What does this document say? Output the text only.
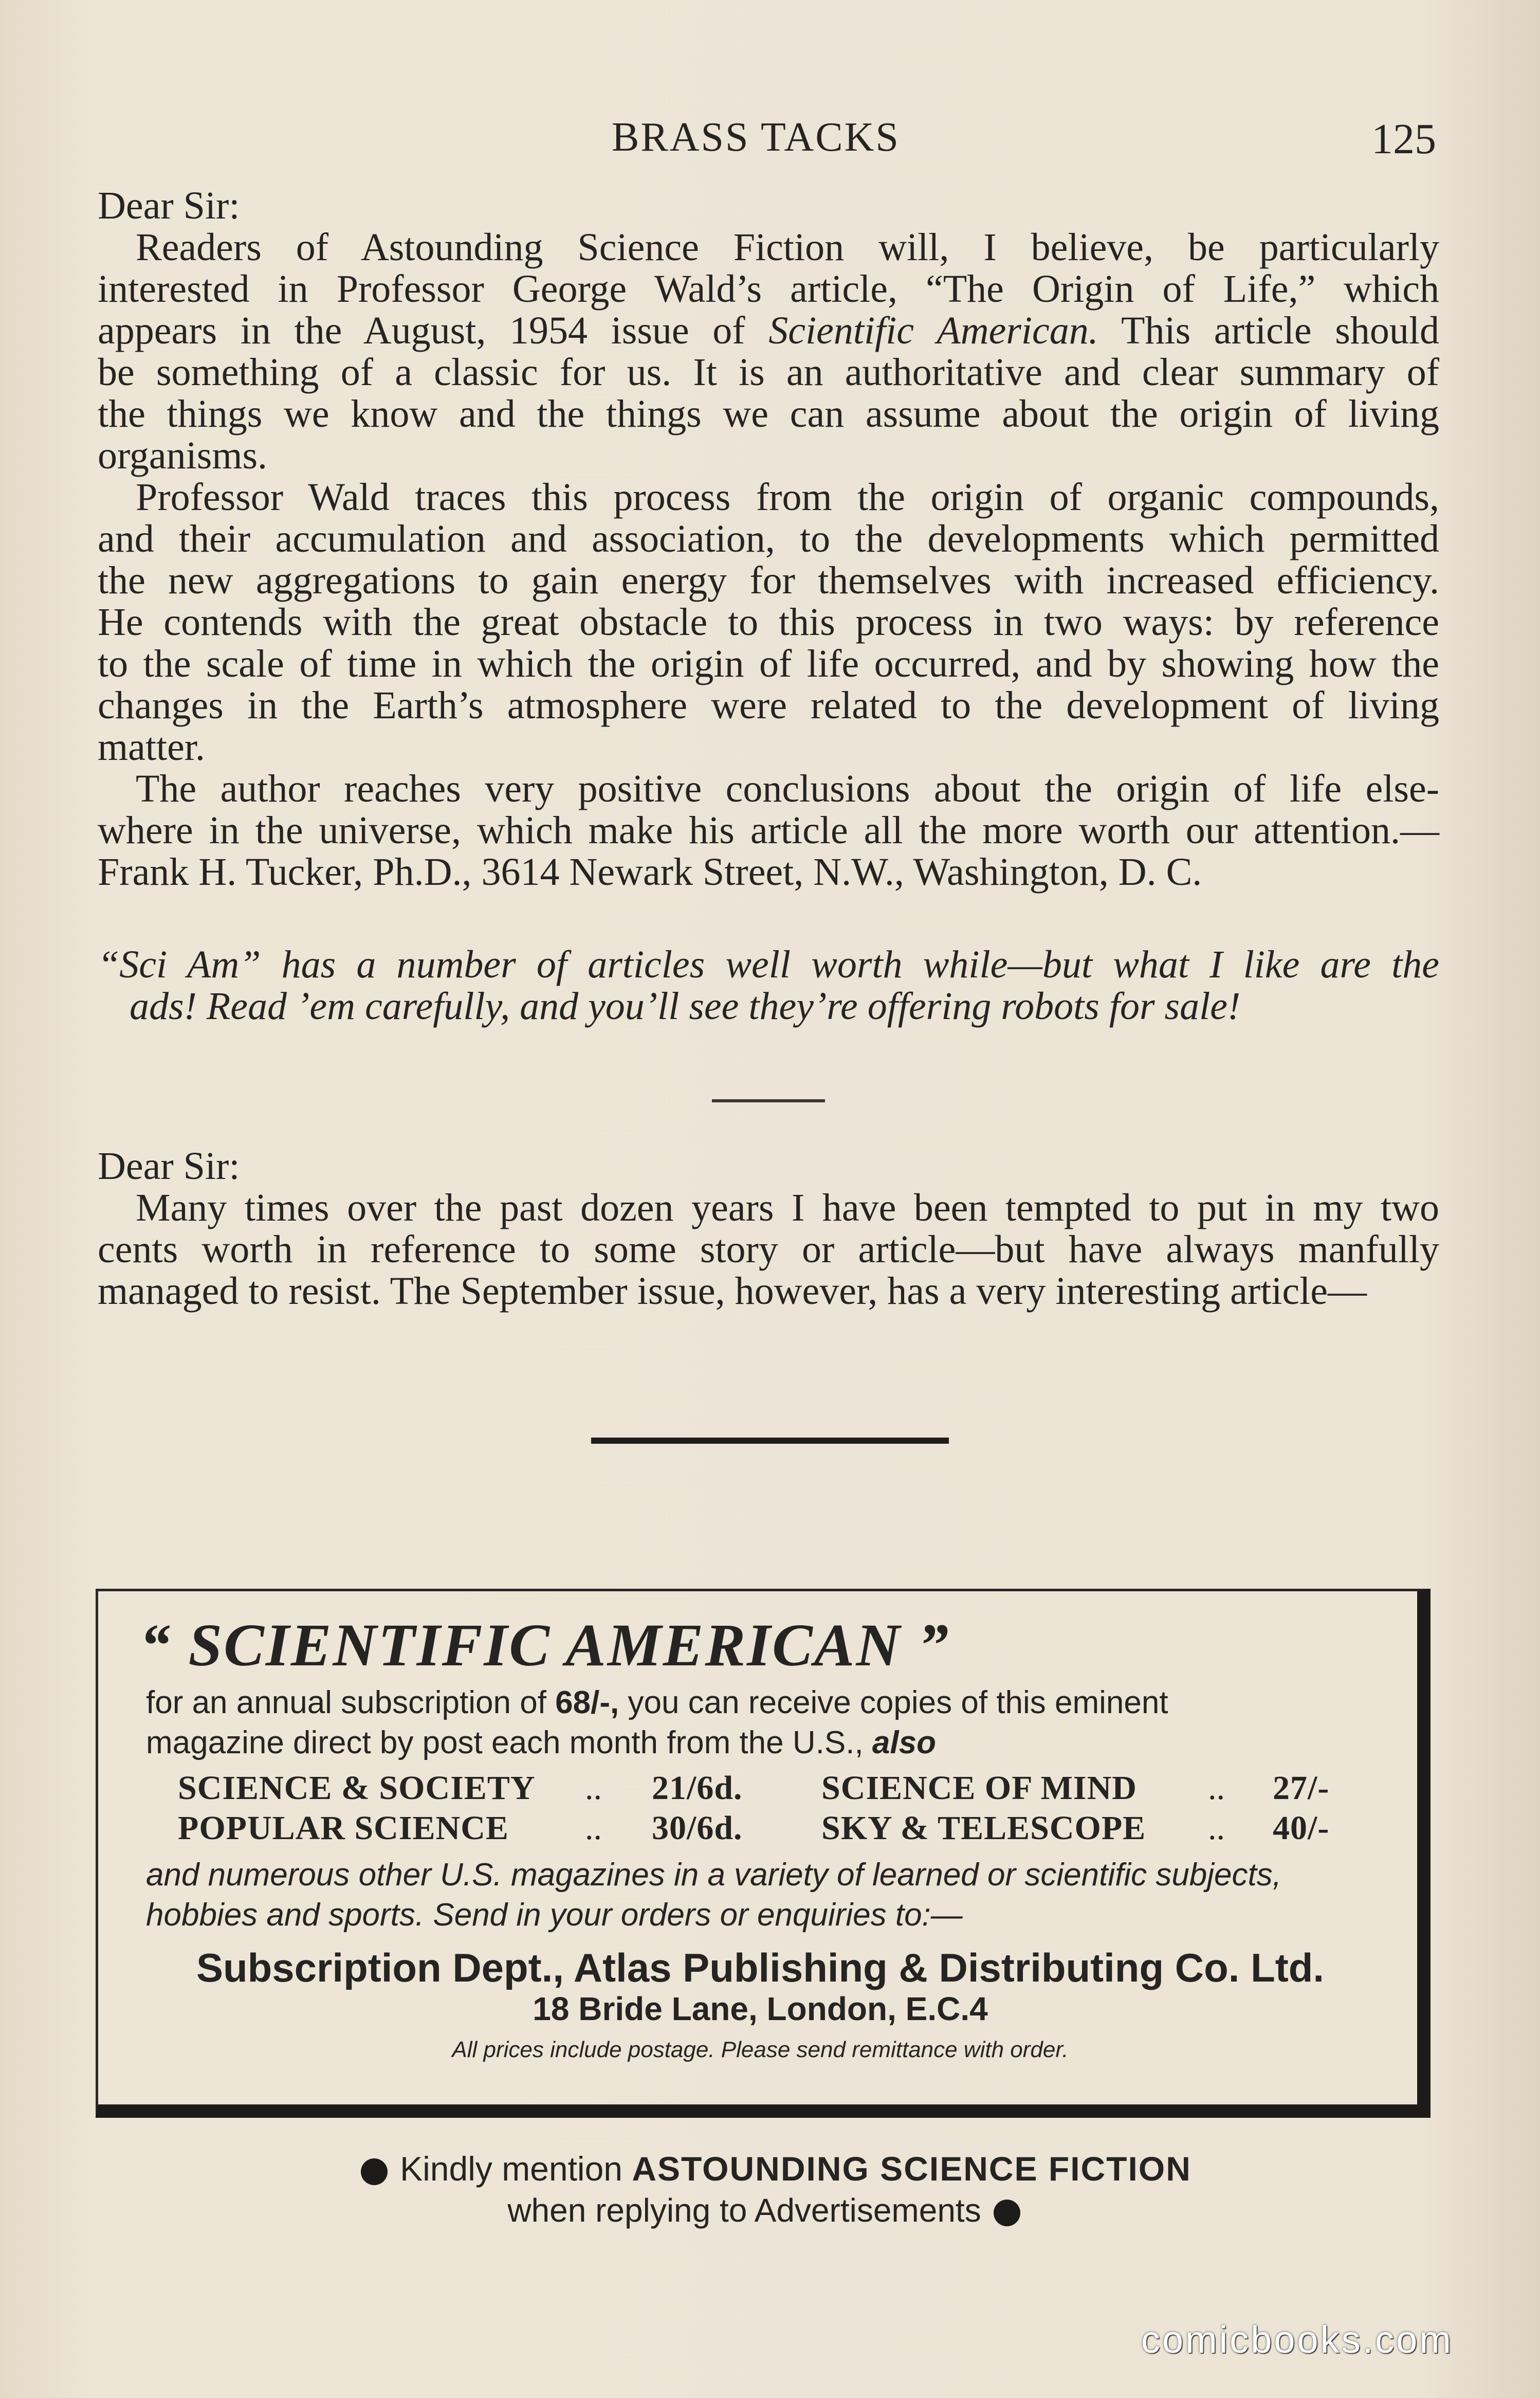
BRASS TACKS	125
Dear Sir:
Readers of Astounding Science Fiction will, I believe, be particularly
interested in Professor George Wald’s article, “The Origin of Life,” which
appears in the August, 1954 issue of Scientific American. This article should
be something of a classic for us. It is an authoritative and clear summary of
the things we know and the things we can assume about the origin of living
organisms.
Professor Wald traces this process from the origin of organic compounds,
and their accumulation and association, to the developments which permitted
the new aggregations to gain energy for themselves with increased efficiency.
He contends with the great obstacle to this process in two ways: by reference
to the scale of time in which the origin of life occurred, and by showing how the
changes in the Earth’s atmosphere were related to the development of living
matter.
The author reaches very positive conclusions about the origin of life else-
where in the universe, which make his article all the more worth our attention.—
Frank H. Tucker, Ph.D., 3614 Newark Street, N.W., Washington, D. C.
“Sci Am” has a number of articles well worth while—but what I like are the
ads! Read ’em carefully, and you’ll see they’re offering robots for sale!
Dear Sir:
Many times over the past dozen years I have been tempted to put in my two
cents worth in reference to some story or article—but have always manfully
managed to resist. The September issue, however, has a very interesting article—
“ SCIENTIFIC AMERICAN ”
for an annual subscription of 68/-, you can receive copies of this eminent
magazine direct by post each month from the U.S., also
SCIENCE & SOCIETY .. 21/6d. SCIENCE OF MIND .. 27/-
POPULAR SCIENCE .. 30/6d. SKY & TELESCOPE .. 40/-
and numerous other U.S. magazines in a variety of learned or scientific subjects,
hobbies and sports. Send in your orders or enquiries to:—
Subscription Dept., Atlas Publishing & Distributing Co. Ltd.
18 Bride Lane, London, E.C.4
All prices include postage. Please send remittance with order.
Kindly mention ASTOUNDING SCIENCE FICTION
when replying to Advertisements
comicbooks.com
